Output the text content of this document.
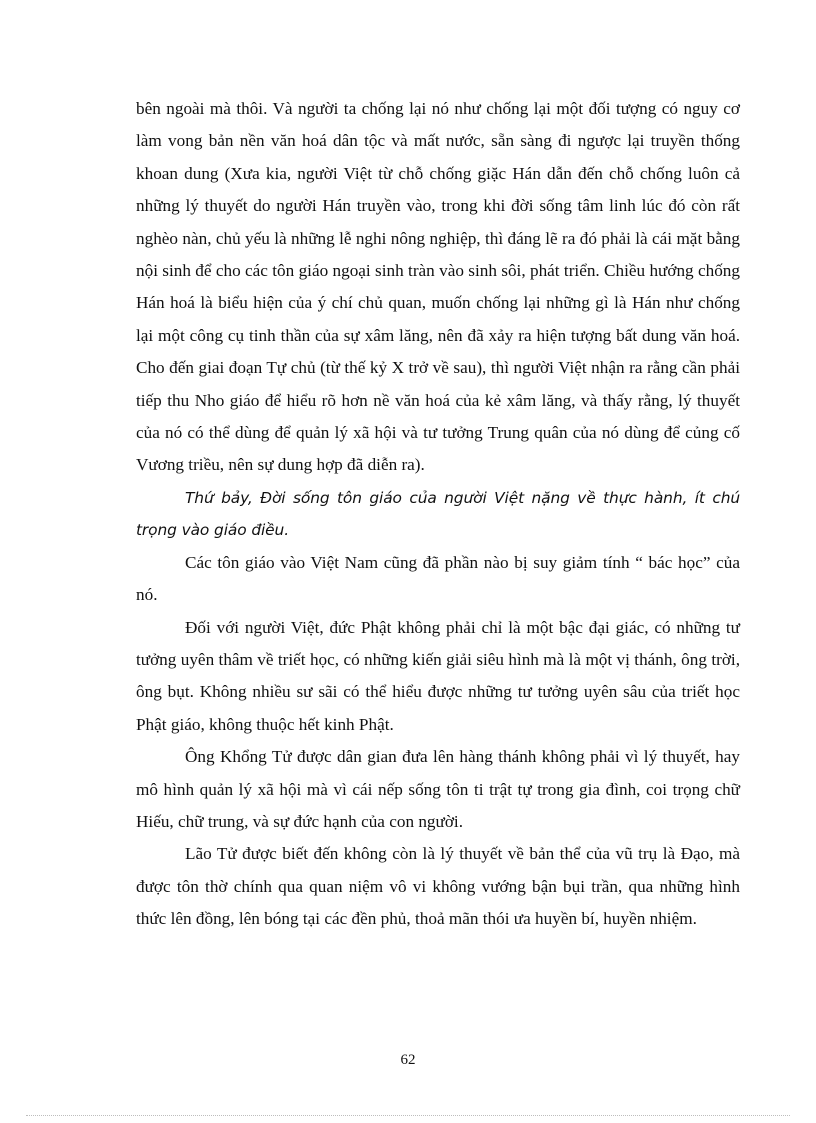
bên ngoài mà thôi. Và người ta chống lại nó như chống lại một đối tượng có nguy cơ làm vong bản nền văn hoá dân tộc và mất nước, sẵn sàng đi ngược lại truyền thống khoan dung (Xưa kia, người Việt từ chỗ chống giặc Hán dẫn đến chỗ chống luôn cả những lý thuyết do người Hán truyền vào, trong khi đời sống tâm linh lúc đó còn rất nghèo nàn, chủ yếu là những lễ nghi nông nghiệp, thì đáng lẽ ra đó phải là cái mặt bằng nội sinh để cho các tôn giáo ngoại sinh tràn vào sinh sôi, phát triển. Chiều hướng chống Hán hoá là biểu hiện của ý chí chủ quan, muốn chống lại những gì là Hán như chống lại một công cụ tinh thần của sự xâm lăng, nên đã xảy ra hiện tượng bất dung văn hoá. Cho đến giai đoạn Tự chủ (từ thế kỷ X trở về sau), thì người Việt nhận ra rằng cần phải tiếp thu Nho giáo để hiểu rõ hơn nề văn hoá của kẻ xâm lăng, và thấy rằng, lý thuyết của nó có thể dùng để quản lý xã hội và tư tưởng Trung quân của nó dùng để củng cố Vương triều, nên sự dung hợp đã diễn ra).

Thứ bảy, Đời sống tôn giáo của người Việt nặng về thực hành, ít chú trọng vào giáo điều.

Các tôn giáo vào Việt Nam cũng đã phần nào bị suy giảm tính “ bác học” của nó.

Đối với người Việt, đức Phật không phải chỉ là một bậc đại giác, có những tư tưởng uyên thâm về triết học, có những kiến giải siêu hình mà là một vị thánh, ông trời, ông bụt. Không nhiều sư sãi có thể hiểu được những tư tưởng uyên sâu của triết học Phật giáo, không thuộc hết kinh Phật.

Ông Khổng Tử được dân gian đưa lên hàng thánh không phải vì lý thuyết, hay mô hình quản lý xã hội mà vì cái nếp sống tôn ti trật tự trong gia đình, coi trọng chữ Hiếu, chữ trung, và sự đức hạnh của con người.

Lão Tử được biết đến không còn là lý thuyết về bản thể của vũ trụ là Đạo, mà được tôn thờ chính qua quan niệm vô vi không vướng bận bụi trần, qua những hình thức lên đồng, lên bóng tại các đền phủ, thoả mãn thói ưa huyền bí, huyền nhiệm.

62
